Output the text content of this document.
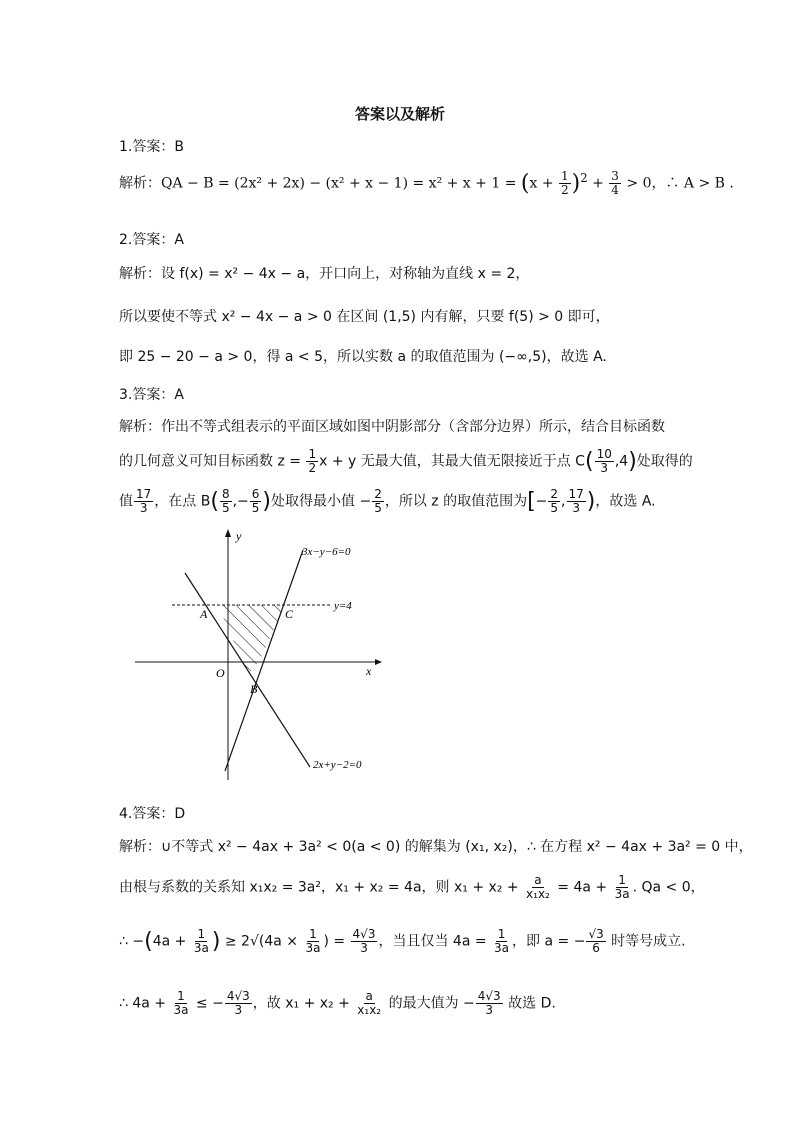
答案以及解析
1.答案：B
解析：QA − $B = (2x^2 + 2x) - (x^2 + x - 1) = x^2 + x + 1 = (x + \frac{1}{2} )^2 + \frac{3}{4} > 0$，∴ A > B .
2.答案：A
解析：设 f(x) = x² − 4x − a，开口向上，对称轴为直线 x = 2，
所以要使不等式 x² − 4x − a > 0 在区间 (1,5) 内有解，只要 f(5) > 0 即可，
即 25 − 20 − a > 0，得 a < 5，所以实数 a 的取值范围为 (−∞,5)，故选 A.
3.答案：A
解析：作出不等式组表示的平面区域如图中阴影部分（含部分边界）所示，结合目标函数
的几何意义可知目标函数 $z = \frac{1}{2}$ x + y 无最大值，其最大值无限接近于点 $C( \frac{10}{3} ,4)$处取得的
值 $\frac{17}{3}$ ，在点 $B( \frac{8}{5}$ ,− $\frac{6}{5}$ )处取得最小值 − $\frac{2}{5}$ ，所以 z 的取值范围为[− $\frac{2}{5}$ , $\frac{17}{3}$ )，故选 A.
3x−y−6=0
2x+y−2=0
y=4
x
y
O
A
B
C
4.答案：D
解析：∪不等式 x² − 4ax + 3a² < 0(a < 0) 的解集为 (x₁, x₂)，∴ 在方程 x² − 4ax + 3a² = 0 中，
由根与系数的关系知 x₁x₂ = 3a²，x₁ + x₂ = 4a，则 $x_1 + x_2 + \frac{a}{\text{x₁x₂}} = 4a + \frac{1}{3a}$ . Qa < 0，
∴ $-(4a + \frac{1}{3a}$ ) ≥ $2√(4a \times \frac{1}{3a}$ ) = $\frac{4√3}{3}$ ，当且仅当 $4a = \frac{1}{3a}$ ，即 a = − $\frac{√3}{6}$ 时等号成立.
∴ $4a + \frac{1}{3a}$ ≤ − $\frac{4√3}{3}$ ，故 $x_1 + x_2 + \frac{a}{\text{x₁x₂}}$ 的最大值为 − $\frac{4√3}{3}$ 故选 D.
